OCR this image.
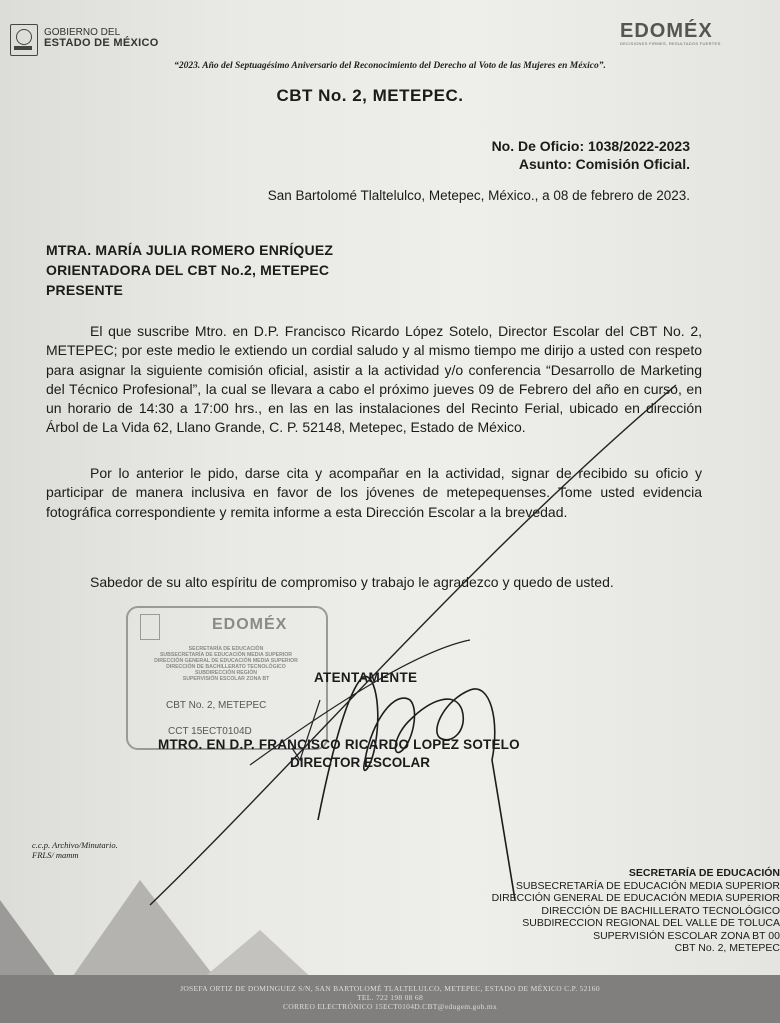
GOBIERNO DEL
ESTADO DE MÉXICO
EDOMÉX
DECISIONES FIRMES, RESULTADOS FUERTES.
“2023. Año del Septuagésimo Aniversario del Reconocimiento del Derecho al Voto de las Mujeres en México”.
CBT No. 2, METEPEC.
No. De Oficio: 1038/2022-2023
Asunto: Comisión Oficial.
San Bartolomé Tlaltelulco, Metepec, México., a 08 de febrero de 2023.
MTRA. MARÍA JULIA ROMERO ENRÍQUEZ
ORIENTADORA DEL CBT No.2, METEPEC
PRESENTE
El que suscribe Mtro. en D.P. Francisco Ricardo López Sotelo, Director Escolar del CBT No. 2, METEPEC; por este medio le extiendo un cordial saludo y al mismo tiempo me dirijo a usted con respeto para asignar la siguiente comisión oficial, asistir a la actividad y/o conferencia “Desarrollo de Marketing del Técnico Profesional”, la cual se llevara a cabo el próximo jueves 09 de Febrero del año en curso, en un horario de 14:30 a 17:00 hrs., en las en las instalaciones del Recinto Ferial, ubicado en dirección Árbol de La Vida 62, Llano Grande, C. P. 52148, Metepec, Estado de México.
Por lo anterior le pido, darse cita y acompañar en la actividad, signar de recibido su oficio y participar de manera inclusiva en favor de los jóvenes de metepequenses. Tome usted evidencia fotográfica correspondiente y remita informe a esta Dirección Escolar a la brevedad.
Sabedor de su alto espíritu de compromiso y trabajo le agradezco y quedo de usted.
EDOMÉX
SECRETARÍA DE EDUCACIÓN
SUBSECRETARÍA DE EDUCACIÓN MEDIA SUPERIOR
DIRECCIÓN GENERAL DE EDUCACIÓN MEDIA SUPERIOR
DIRECCIÓN DE BACHILLERATO TECNOLÓGICO
SUBDIRECCIÓN REGIÓN
SUPERVISIÓN ESCOLAR ZONA BT
CBT No. 2, METEPEC
CCT 15ECT0104D
ATENTAMENTE
MTRO. EN D.P. FRANCISCO RICARDO LOPEZ SOTELO
DIRECTOR ESCOLAR
c.c.p. Archivo/Minutario.
FRLS/ mamm
SECRETARÍA DE EDUCACIÓN
SUBSECRETARÍA DE EDUCACIÓN MEDIA SUPERIOR
DIRECCIÓN GENERAL DE EDUCACIÓN MEDIA SUPERIOR
DIRECCIÓN DE BACHILLERATO TECNOLÓGICO
SUBDIRECCION REGIONAL DEL VALLE DE TOLUCA
SUPERVISIÓN ESCOLAR ZONA BT 00
CBT No. 2, METEPEC
JOSEFA ORTIZ DE DOMINGUEZ S/N, SAN BARTOLOMÉ TLALTELULCO, METEPEC, ESTADO DE MÉXICO C.P. 52160
TEL. 722 198 08 68
CORREO ELECTRÓNICO 15ECT0104D.CBT@edugem.gob.mx
